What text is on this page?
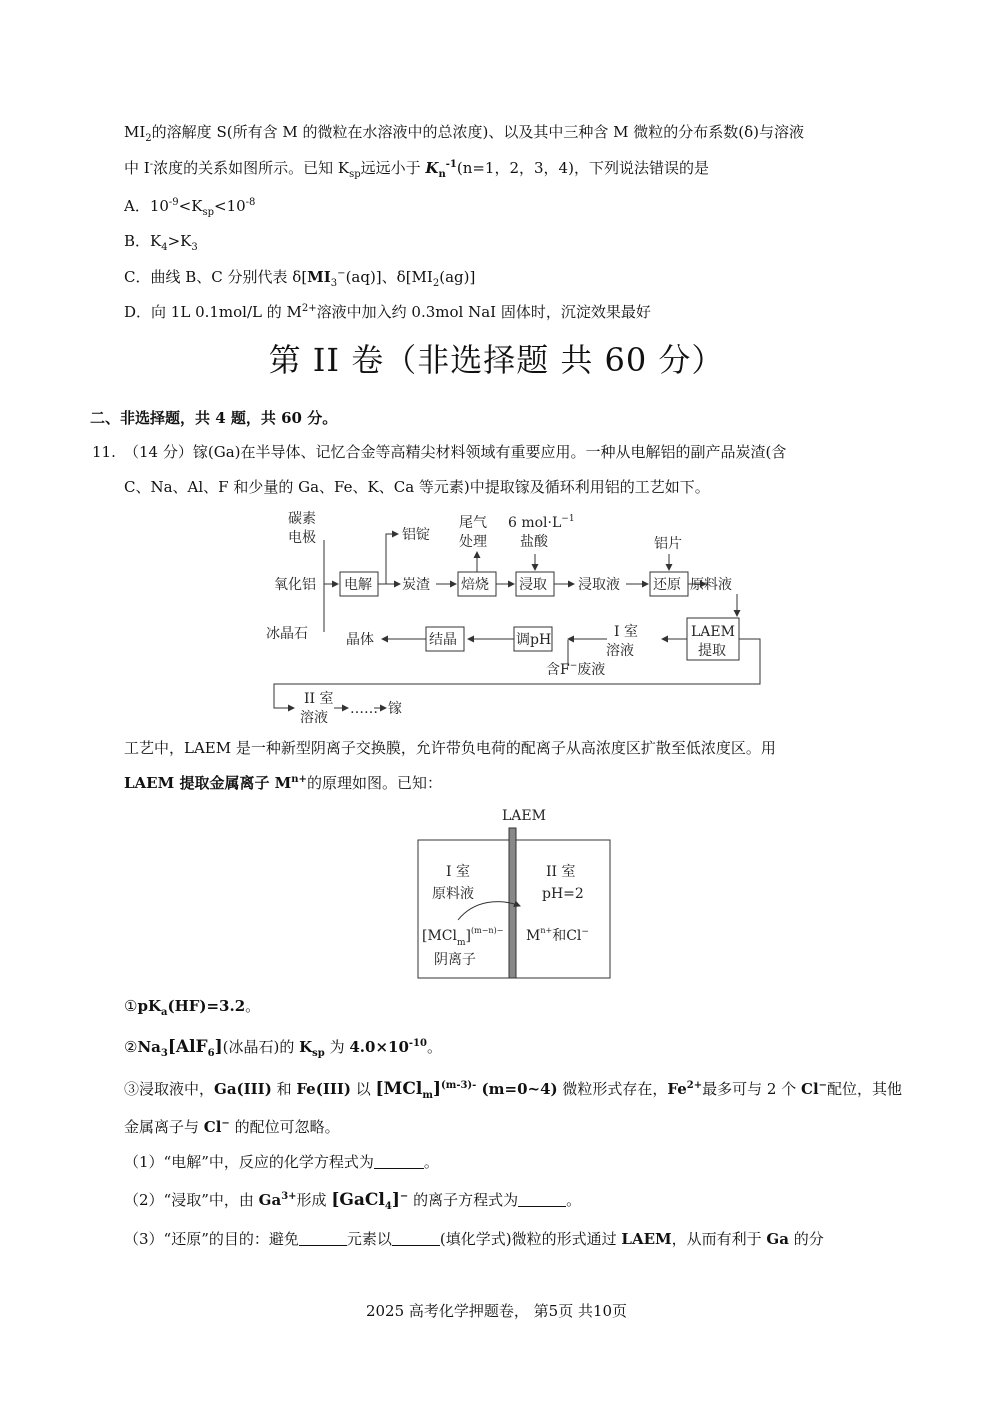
$MI_2$的溶解度 S(所有含 M 的微粒在水溶液中的总浓度)、以及其中三种含 M 微粒的分布系数(δ)与溶液
中 I-浓度的关系如图所示。已知 $K_{sp}$远远小于 $K_n^{-1}(n=1$，2，3，4)，下列说法错误的是
A．$10^{-9}<K_{sp}<10^{-8}$
B．$K_4>K_3$
C．曲线 B、C 分别代表 $\delta[MI_3^-(aq)]$、$\delta[MI_2(ag)]$
D．向 1L 0.1mol/L 的 $M^{2+}$溶液中加入约 0.3mol NaI 固体时，沉淀效果最好
第 II 卷（非选择题 共 60 分）
二、非选择题，共 4 题，共 60 分。
11. （14 分）镓(Ga)在半导体、记忆合金等高精尖材料领域有重要应用。一种从电解铝的副产品炭渣(含
C、Na、Al、F 和少量的 Ga、Fe、K、Ca 等元素)中提取镓及循环利用铝的工艺如下。
碳素
电极
氧化铝
冰晶石
电解
铝锭
炭渣 焙烧
尾气
处理
6 $mol\cdot L^{-1}$
盐酸
浸取 浸取液 还原
铝片
原料液
LAEM
提取
I 室
溶液
调pH
含F−废液
结晶
晶体
II 室
溶液
…… 镓
工艺中，LAEM 是一种新型阴离子交换膜，允许带负电荷的配离子从高浓度区扩散至低浓度区。用
LAEM 提取金属离子 $M^{n+}$的原理如图。已知：
LAEM
I 室
原料液
$[MCl_m]^{(m-n)-}$
阴离子
II 室
pH=2
$M^{n+}$和Cl−
$①pK_a(HF)=3.2$。
$②Na_3[AlF_6]$(冰晶石)的 $K_{sp}$ 为 $4.0\times 10^{-10}$。
③浸取液中，Ga(III) 和 Fe(III) 以 $[MCl_m]^{(m-3)-}$ (m=0~4) 微粒形式存在，$Fe^{2+}$最多可与 2 个 Cl−配位，其他
金属离子与 Cl− 的配位可忽略。
（1）“电解”中，反应的化学方程式为	。
（2）“浸取”中，由 $Ga^{3+}$形成 [GaCl$_4$]− 的离子方程式为	。
（3）“还原”的目的：避免	元素以	(填化学式)微粒的形式通过 LAEM，从而有利于 Ga 的分
2025 高考化学押题卷， 第5页 共10页
